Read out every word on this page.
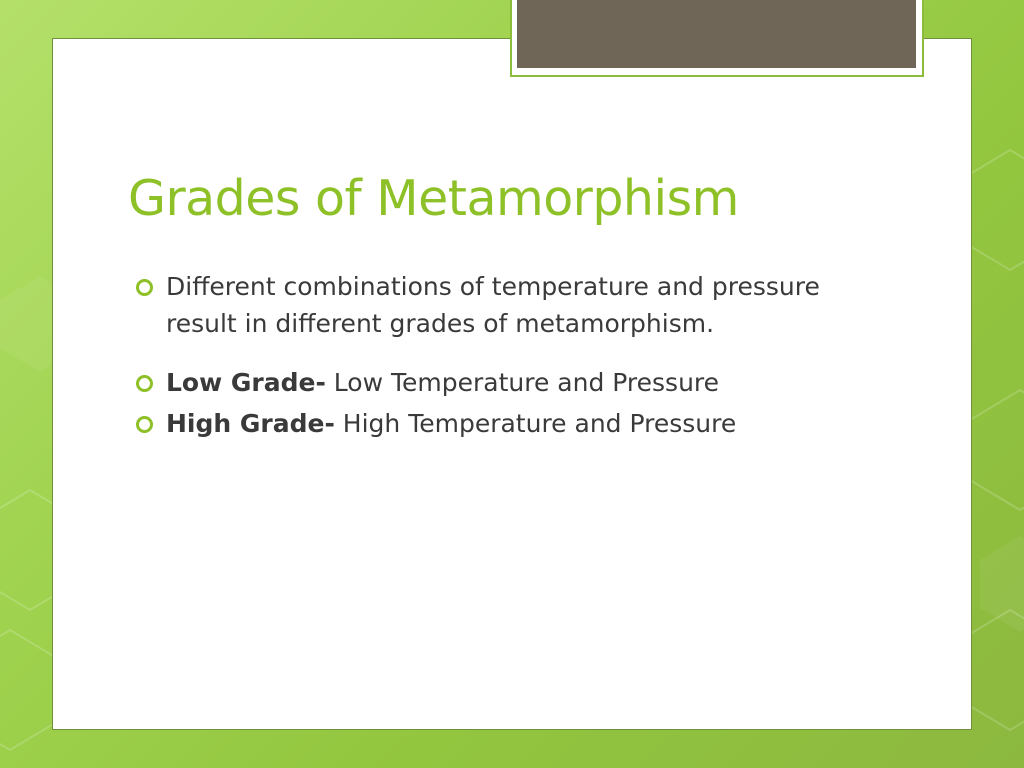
Grades of Metamorphism
Different combinations of temperature and pressure result in different grades of metamorphism.
Low Grade- Low Temperature and Pressure
High Grade- High Temperature and Pressure
